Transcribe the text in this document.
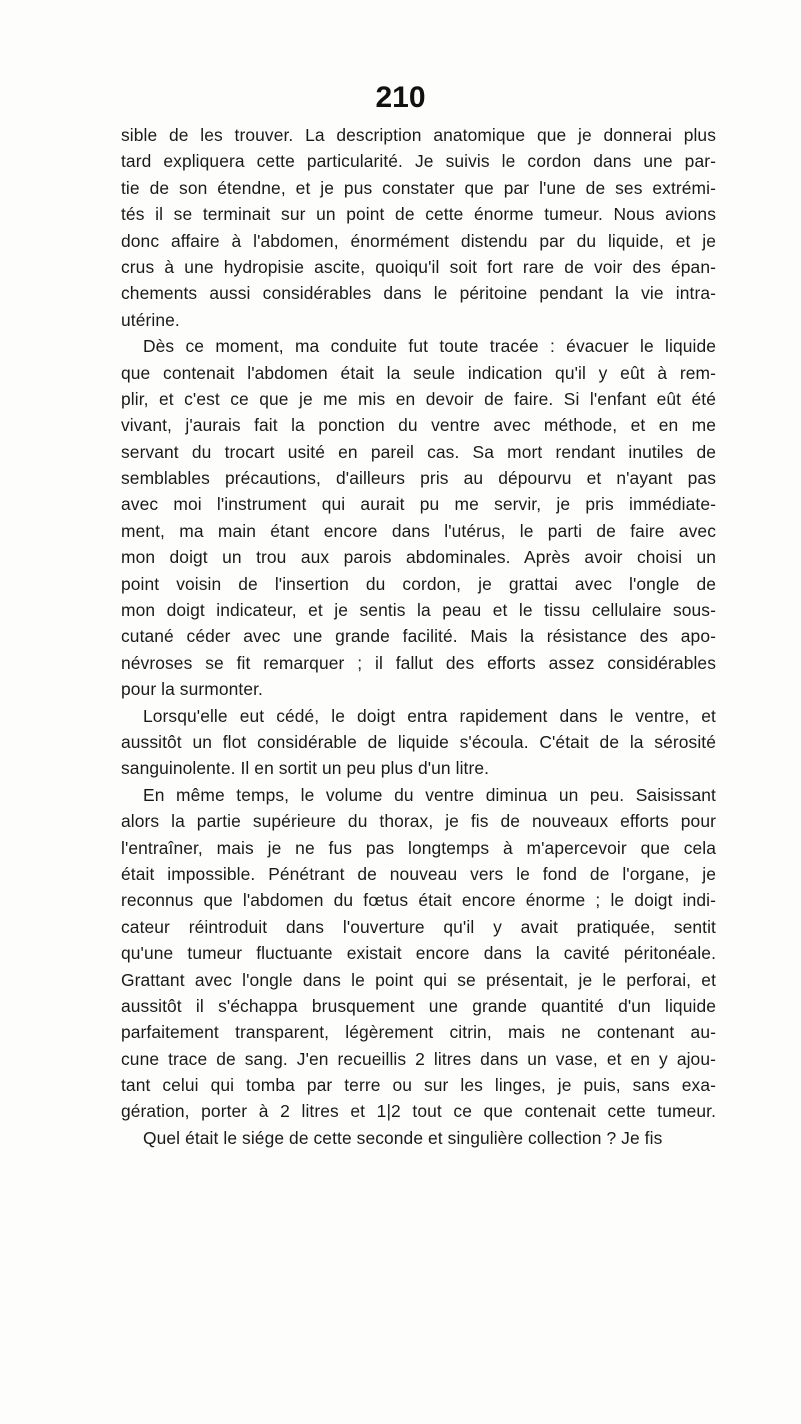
210
sible de les trouver. La description anatomique que je donnerai plus
tard expliquera cette particularité. Je suivis le cordon dans une par-
tie de son étendne, et je pus constater que par l'une de ses extrémi-
tés il se terminait sur un point de cette énorme tumeur. Nous avions
donc affaire à l'abdomen, énormément distendu par du liquide, et je
crus à une hydropisie ascite, quoiqu'il soit fort rare de voir des épan-
chements aussi considérables dans le péritoine pendant la vie intra-
utérine.
Dès ce moment, ma conduite fut toute tracée : évacuer le liquide
que contenait l'abdomen était la seule indication qu'il y eût à rem-
plir, et c'est ce que je me mis en devoir de faire. Si l'enfant eût été
vivant, j'aurais fait la ponction du ventre avec méthode, et en me
servant du trocart usité en pareil cas. Sa mort rendant inutiles de
semblables précautions, d'ailleurs pris au dépourvu et n'ayant pas
avec moi l'instrument qui aurait pu me servir, je pris immédiate-
ment, ma main étant encore dans l'utérus, le parti de faire avec
mon doigt un trou aux parois abdominales. Après avoir choisi un
point voisin de l'insertion du cordon, je grattai avec l'ongle de
mon doigt indicateur, et je sentis la peau et le tissu cellulaire sous-
cutané céder avec une grande facilité. Mais la résistance des apo-
névroses se fit remarquer ; il fallut des efforts assez considérables
pour la surmonter.
Lorsqu'elle eut cédé, le doigt entra rapidement dans le ventre, et
aussitôt un flot considérable de liquide s'écoula. C'était de la sérosité
sanguinolente. Il en sortit un peu plus d'un litre.
En même temps, le volume du ventre diminua un peu. Saisissant
alors la partie supérieure du thorax, je fis de nouveaux efforts pour
l'entraîner, mais je ne fus pas longtemps à m'apercevoir que cela
était impossible. Pénétrant de nouveau vers le fond de l'organe, je
reconnus que l'abdomen du fœtus était encore énorme ; le doigt indi-
cateur réintroduit dans l'ouverture qu'il y avait pratiquée, sentit
qu'une tumeur fluctuante existait encore dans la cavité péritonéale.
Grattant avec l'ongle dans le point qui se présentait, je le perforai, et
aussitôt il s'échappa brusquement une grande quantité d'un liquide
parfaitement transparent, légèrement citrin, mais ne contenant au-
cune trace de sang. J'en recueillis 2 litres dans un vase, et en y ajou-
tant celui qui tomba par terre ou sur les linges, je puis, sans exa-
gération, porter à 2 litres et 1|2 tout ce que contenait cette tumeur.
Quel était le siége de cette seconde et singulière collection ? Je fis
